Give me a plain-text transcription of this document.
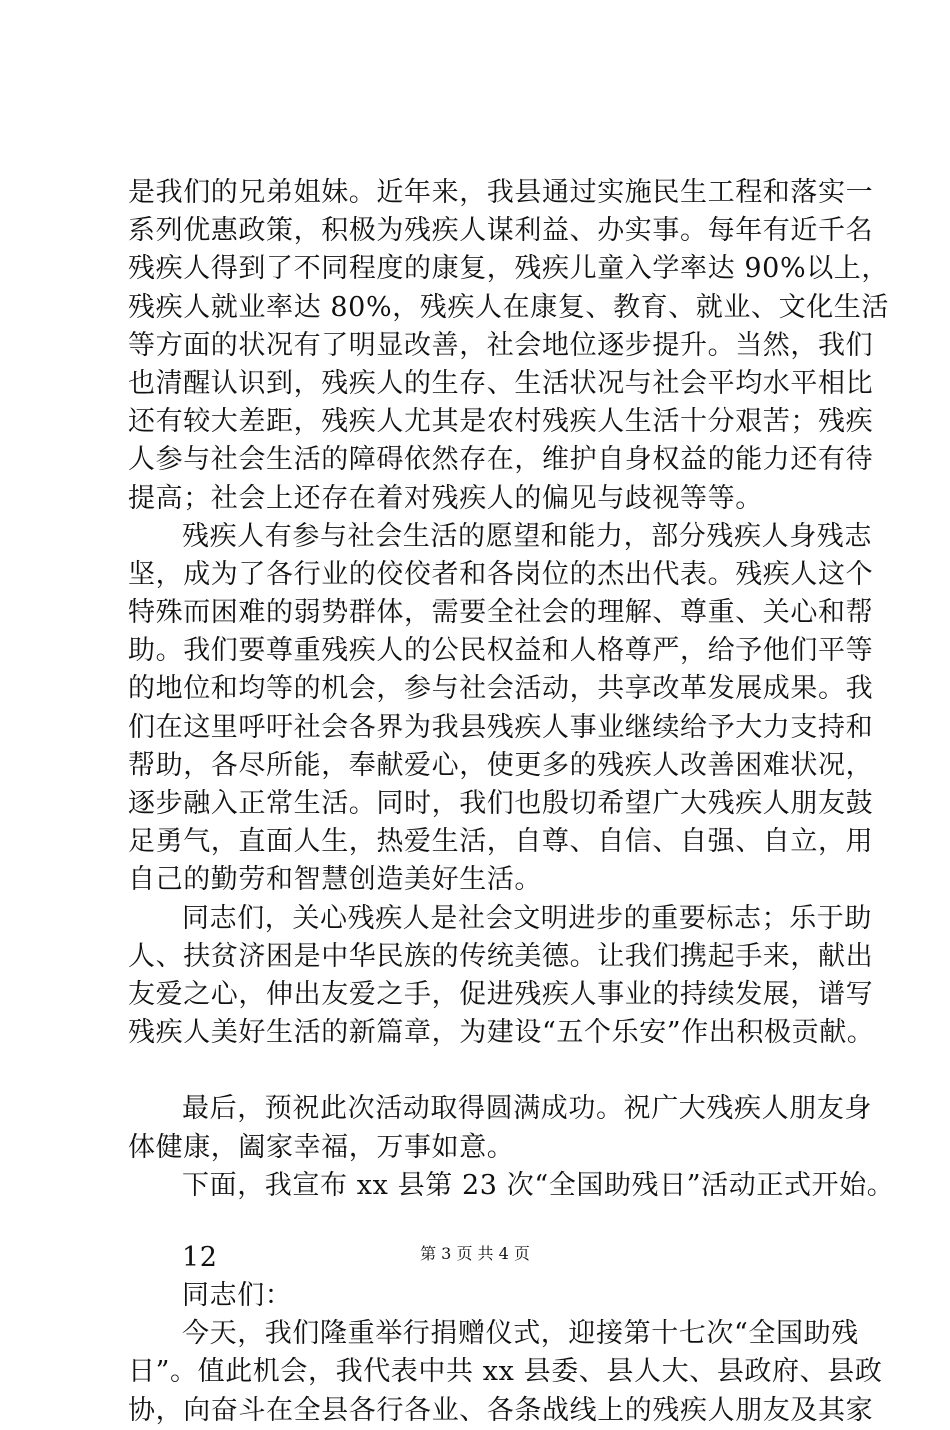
是我们的兄弟姐妹。近年来，我县通过实施民生工程和落实一
系列优惠政策，积极为残疾人谋利益、办实事。每年有近千名
残疾人得到了不同程度的康复，残疾儿童入学率达 90%以上，
残疾人就业率达 80%，残疾人在康复、教育、就业、文化生活
等方面的状况有了明显改善，社会地位逐步提升。当然，我们
也清醒认识到，残疾人的生存、生活状况与社会平均水平相比
还有较大差距，残疾人尤其是农村残疾人生活十分艰苦；残疾
人参与社会生活的障碍依然存在，维护自身权益的能力还有待
提高；社会上还存在着对残疾人的偏见与歧视等等。
残疾人有参与社会生活的愿望和能力，部分残疾人身残志
坚，成为了各行业的佼佼者和各岗位的杰出代表。残疾人这个
特殊而困难的弱势群体，需要全社会的理解、尊重、关心和帮
助。我们要尊重残疾人的公民权益和人格尊严，给予他们平等
的地位和均等的机会，参与社会活动，共享改革发展成果。我
们在这里呼吁社会各界为我县残疾人事业继续给予大力支持和
帮助，各尽所能，奉献爱心，使更多的残疾人改善困难状况，
逐步融入正常生活。同时，我们也殷切希望广大残疾人朋友鼓
足勇气，直面人生，热爱生活，自尊、自信、自强、自立，用
自己的勤劳和智慧创造美好生活。
同志们，关心残疾人是社会文明进步的重要标志；乐于助
人、扶贫济困是中华民族的传统美德。让我们携起手来，献出
友爱之心，伸出友爱之手，促进残疾人事业的持续发展，谱写
残疾人美好生活的新篇章，为建设“五个乐安”作出积极贡献。
最后，预祝此次活动取得圆满成功。祝广大残疾人朋友身
体健康，阖家幸福，万事如意。
下面，我宣布 xx 县第 23 次“全国助残日”活动正式开始。
12
同志们：
今天，我们隆重举行捐赠仪式，迎接第十七次“全国助残
日”。值此机会，我代表中共 xx 县委、县人大、县政府、县政
协，向奋斗在全县各行各业、各条战线上的残疾人朋友及其家
第 3 页 共 4 页
